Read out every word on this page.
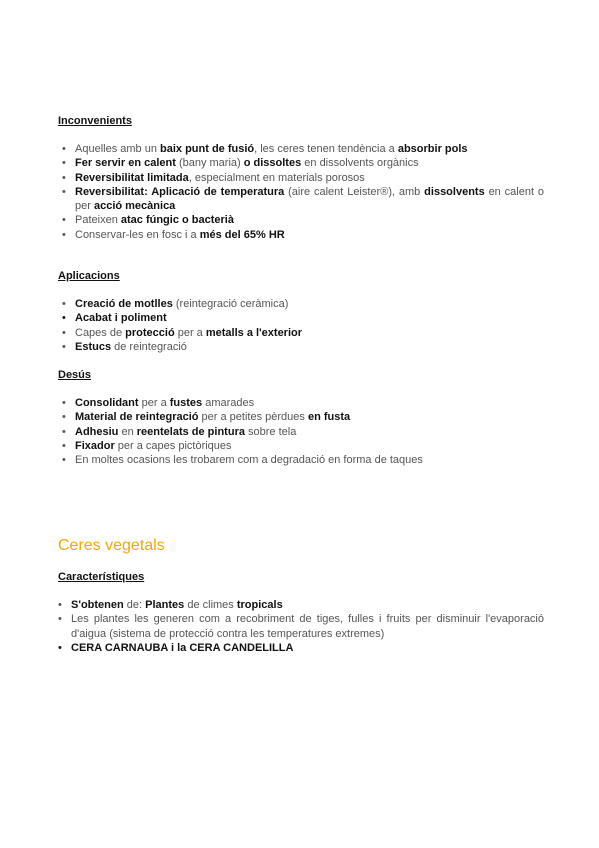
Inconvenients

• Aquelles amb un baix punt de fusió, les ceres tenen tendència a absorbir pols
• Fer servir en calent (bany maria) o dissoltes en dissolvents orgànics
• Reversibilitat limitada, especialment en materials porosos
• Reversibilitat: Aplicació de temperatura (aire calent Leister®), amb dissolvents en calent o per acció mecànica
• Pateixen atac fúngic o bacterià
• Conservar-les en fosc i a més del 65% HR

Aplicacions

• Creació de motlles (reintegració ceràmica)
• Acabat i poliment
• Capes de protecció per a metalls a l'exterior
• Estucs de reintegració

Desús

• Consolidant per a fustes amarades
• Material de reintegració per a petites pèrdues en fusta
• Adhesiu en reentelats de pintura sobre tela
• Fixador per a capes pictòriques
• En moltes ocasions les trobarem com a degradació en forma de taques
Ceres vegetals

Característiques

• S'obtenen de: Plantes de climes tropicals
• Les plantes les generen com a recobriment de tiges, fulles i fruits per disminuir l'evaporació d'aigua (sistema de protecció contra les temperatures extremes)
• CERA CARNAUBA i la CERA CANDELILLA
